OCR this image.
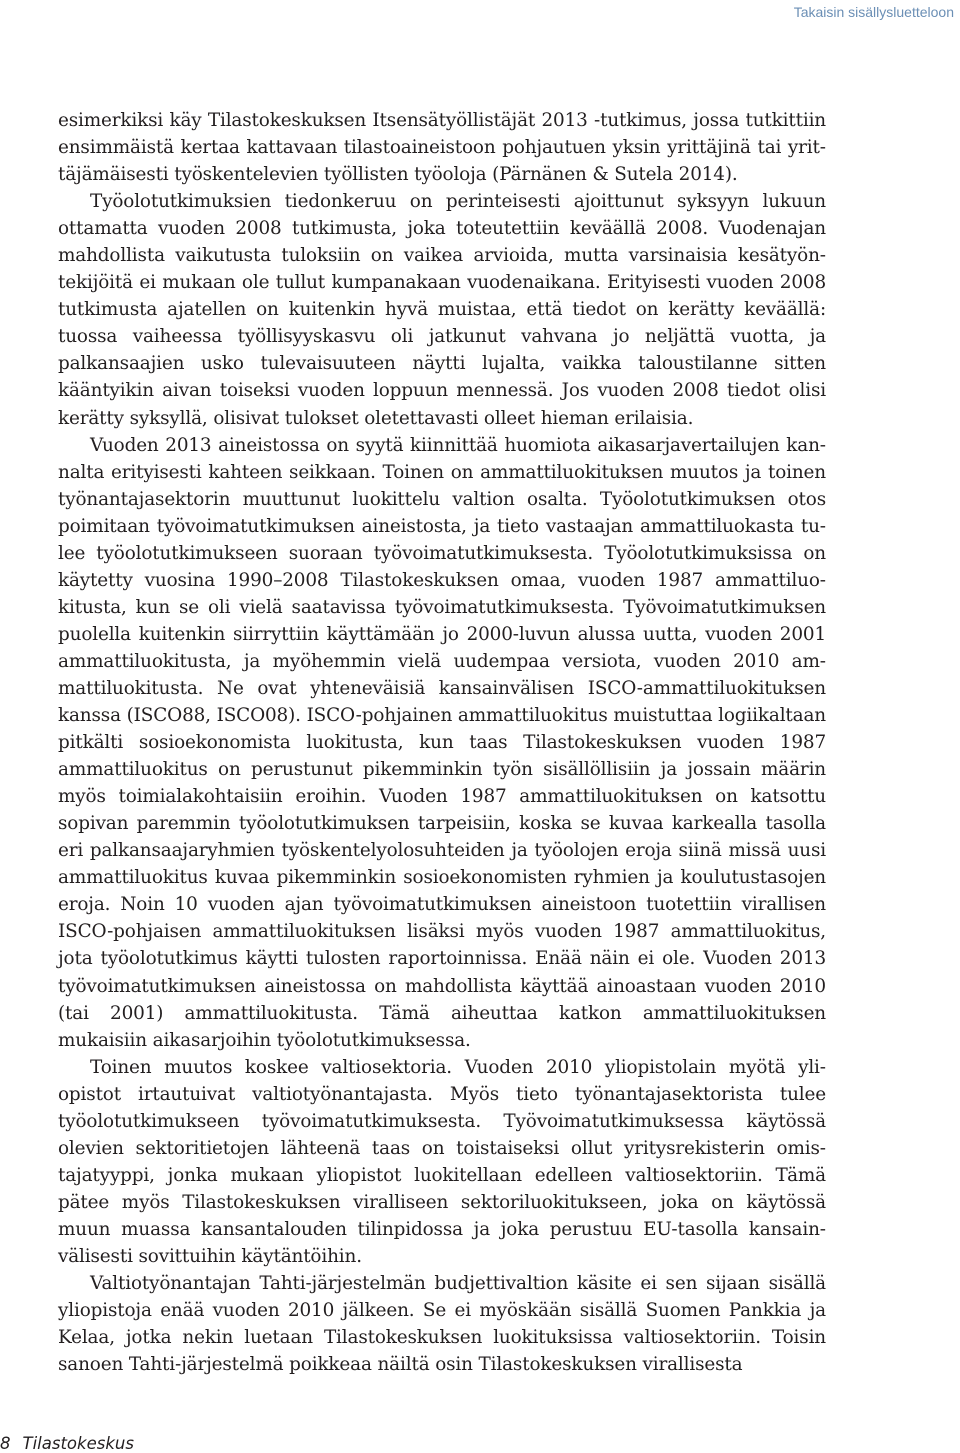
Takaisin sisällysluetteloon

esimerkiksi käy Tilastokeskuksen Itsensätyöllistäjät 2013 -tutkimus, jossa tutkittiin ensimmäistä kertaa kattavaan tilastoaineistoon pohjautuen yksin yrittäjinä tai yrittäjämäisesti työskentelevien työllisten työoloja (Pärnänen & Sutela 2014).

Työolotutkimuksien tiedonkeruu on perinteisesti ajoittunut syksyyn lukuun ottamatta vuoden 2008 tutkimusta, joka toteutettiin keväällä 2008. Vuodenajan mahdollista vaikutusta tuloksiin on vaikea arvioida, mutta varsinaisia kesätyöntekijöitä ei mukaan ole tullut kumpanakaan vuodenaikana. Erityisesti vuoden 2008 tutkimusta ajatellen on kuitenkin hyvä muistaa, että tiedot on kerätty keväällä: tuossa vaiheessa työllisyyskasvu oli jatkunut vahvana jo neljättä vuotta, ja palkansaajien usko tulevaisuuteen näytti lujalta, vaikka taloustilanne sitten kääntyikin aivan toiseksi vuoden loppuun mennessä. Jos vuoden 2008 tiedot olisi kerätty syksyllä, olisivat tulokset oletettavasti olleet hieman erilaisia.

Vuoden 2013 aineistossa on syytä kiinnittää huomiota aikasarjavertailujen kannalta erityisesti kahteen seikkaan. Toinen on ammattiluokituksen muutos ja toinen työnantajasektorin muuttunut luokittelu valtion osalta. Työolotutkimuksen otos poimitaan työvoimatutkimuksen aineistosta, ja tieto vastaajan ammattiluokasta tulee työolotutkimukseen suoraan työvoimatutkimuksesta. Työolotutkimuksissa on käytetty vuosina 1990–2008 Tilastokeskuksen omaa, vuoden 1987 ammattiluokitusta, kun se oli vielä saatavissa työvoimatutkimuksesta. Työvoimatutkimuksen puolella kuitenkin siirryttiin käyttämään jo 2000-luvun alussa uutta, vuoden 2001 ammattiluokitusta, ja myöhemmin vielä uudempaa versiota, vuoden 2010 ammattiluokitusta. Ne ovat yhteneväisiä kansainvälisen ISCO-ammattiluokituksen kanssa (ISCO88, ISCO08). ISCO-pohjainen ammattiluokitus muistuttaa logiikaltaan pitkälti sosioekonomista luokitusta, kun taas Tilastokeskuksen vuoden 1987 ammattiluokitus on perustunut pikemminkin työn sisällöllisiin ja jossain määrin myös toimialakohtaisiin eroihin. Vuoden 1987 ammattiluokituksen on katsottu sopivan paremmin työolotutkimuksen tarpeisiin, koska se kuvaa karkealla tasolla eri palkansaajaryhmien työskentelyolosuhteiden ja työolojen eroja siinä missä uusi ammattiluokitus kuvaa pikemminkin sosioekonomisten ryhmien ja koulutustasojen eroja. Noin 10 vuoden ajan työvoimatutkimuksen aineistoon tuotettiin virallisen ISCO-pohjaisen ammattiluokituksen lisäksi myös vuoden 1987 ammattiluokitus, jota työolotutkimus käytti tulosten raportoinnissa. Enää näin ei ole. Vuoden 2013 työvoimatutkimuksen aineistossa on mahdollista käyttää ainoastaan vuoden 2010 (tai 2001) ammattiluokitusta. Tämä aiheuttaa katkon ammattiluokituksen mukaisiin aikasarjoihin työolotutkimuksessa.

Toinen muutos koskee valtiosektoria. Vuoden 2010 yliopistolain myötä yliopistot irtautuivat valtiotyönantajasta. Myös tieto työnantajasektorista tulee työolotutkimukseen työvoimatutkimuksesta. Työvoimatutkimuksessa käytössä olevien sektoritietojen lähteenä taas on toistaiseksi ollut yritysrekisterin omistajatyyppi, jonka mukaan yliopistot luokitellaan edelleen valtiosektoriin. Tämä pätee myös Tilastokeskuksen viralliseen sektoriluokitukseen, joka on käytössä muun muassa kansantalouden tilinpidossa ja joka perustuu EU-tasolla kansainvälisesti sovittuihin käytäntöihin.

Valtiotyönantajan Tahti-järjestelmän budjettivaltion käsite ei sen sijaan sisällä yliopistoja enää vuoden 2010 jälkeen. Se ei myöskään sisällä Suomen Pankkia ja Kelaa, jotka nekin luetaan Tilastokeskuksen luokituksissa valtiosektoriin. Toisin sanoen Tahti-järjestelmä poikkeaa näiltä osin Tilastokeskuksen virallisesta

8 Tilastokeskus
